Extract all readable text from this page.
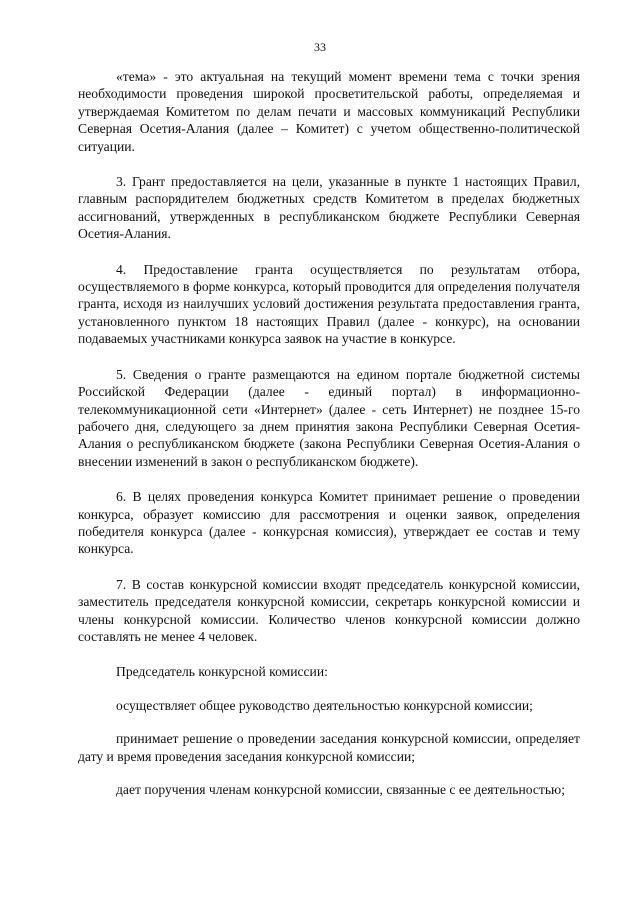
33

«тема» - это актуальная на текущий момент времени тема с точки зрения необходимости проведения широкой просветительской работы, определяемая и утверждаемая Комитетом по делам печати и массовых коммуникаций Республики Северная Осетия-Алания (далее – Комитет) с учетом общественно-политической ситуации.

3. Грант предоставляется на цели, указанные в пункте 1 настоящих Правил, главным распорядителем бюджетных средств Комитетом в пределах бюджетных ассигнований, утвержденных в республиканском бюджете Республики Северная Осетия-Алания.

4. Предоставление гранта осуществляется по результатам отбора, осуществляемого в форме конкурса, который проводится для определения получателя гранта, исходя из наилучших условий достижения результата предоставления гранта, установленного пунктом 18 настоящих Правил (далее - конкурс), на основании подаваемых участниками конкурса заявок на участие в конкурсе.

5. Сведения о гранте размещаются на едином портале бюджетной системы Российской Федерации (далее - единый портал) в информационно-телекоммуникационной сети «Интернет» (далее - сеть Интернет) не позднее 15-го рабочего дня, следующего за днем принятия закона Республики Северная Осетия-Алания о республиканском бюджете (закона Республики Северная Осетия-Алания о внесении изменений в закон о республиканском бюджете).

6. В целях проведения конкурса Комитет принимает решение о проведении конкурса, образует комиссию для рассмотрения и оценки заявок, определения победителя конкурса (далее - конкурсная комиссия), утверждает ее состав и тему конкурса.

7. В состав конкурсной комиссии входят председатель конкурсной комиссии, заместитель председателя конкурсной комиссии, секретарь конкурсной комиссии и члены конкурсной комиссии. Количество членов конкурсной комиссии должно составлять не менее 4 человек.

Председатель конкурсной комиссии:

осуществляет общее руководство деятельностью конкурсной комиссии;

принимает решение о проведении заседания конкурсной комиссии, определяет дату и время проведения заседания конкурсной комиссии;

дает поручения членам конкурсной комиссии, связанные с ее деятельностью;
